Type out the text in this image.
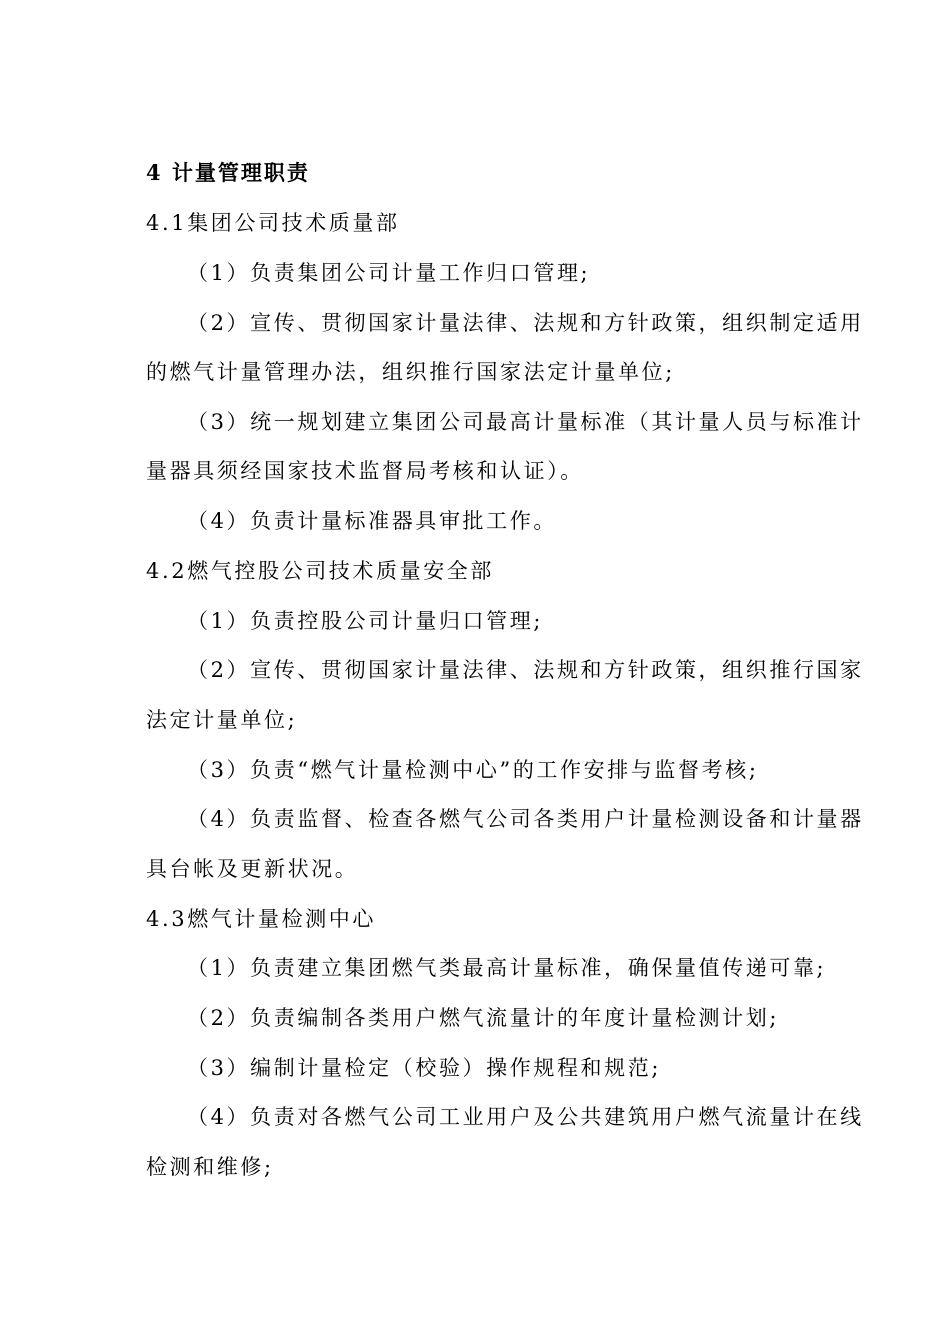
4 计量管理职责
4.1集团公司技术质量部
（1）负责集团公司计量工作归口管理;
（2）宣传、贯彻国家计量法律、法规和方针政策，组织制定适用
的燃气计量管理办法，组织推行国家法定计量单位;
（3）统一规划建立集团公司最高计量标准（其计量人员与标准计
量器具须经国家技术监督局考核和认证）。
（4）负责计量标准器具审批工作。
4.2燃气控股公司技术质量安全部
（1）负责控股公司计量归口管理;
（2）宣传、贯彻国家计量法律、法规和方针政策，组织推行国家
法定计量单位;
（3）负责“燃气计量检测中心”的工作安排与监督考核;
（4）负责监督、检查各燃气公司各类用户计量检测设备和计量器
具台帐及更新状况。
4.3燃气计量检测中心
（1）负责建立集团燃气类最高计量标准，确保量值传递可靠;
（2）负责编制各类用户燃气流量计的年度计量检测计划;
（3）编制计量检定（校验）操作规程和规范;
（4）负责对各燃气公司工业用户及公共建筑用户燃气流量计在线
检测和维修;
